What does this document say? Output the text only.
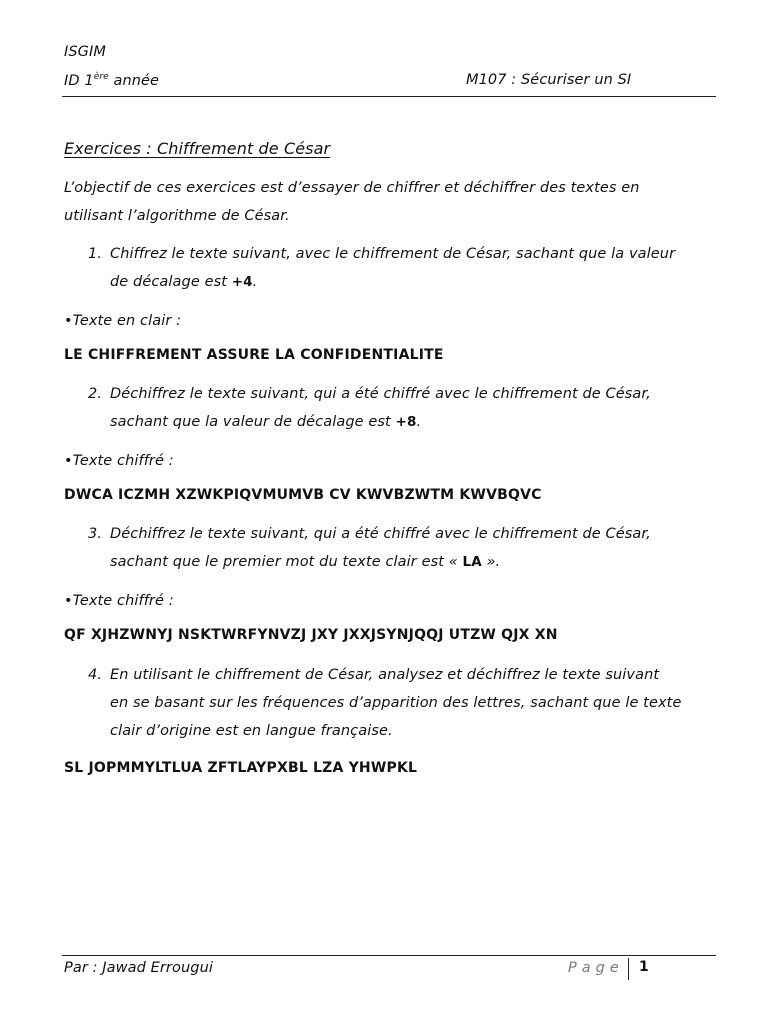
ISGIM
ID 1ère année	M107 : Sécuriser un SI
Exercices : Chiffrement de César
L’objectif de ces exercices est d’essayer de chiffrer et déchiffrer des textes en
utilisant l’algorithme de César.
1. Chiffrez le texte suivant, avec le chiffrement de César, sachant que la valeur
de décalage est +4.
•Texte en clair :
LE CHIFFREMENT ASSURE LA CONFIDENTIALITE
2. Déchiffrez le texte suivant, qui a été chiffré avec le chiffrement de César,
sachant que la valeur de décalage est +8.
•Texte chiffré :
DWCA ICZMH XZWKPIQVMUMVB CV KWVBZWTM KWVBQVC
3. Déchiffrez le texte suivant, qui a été chiffré avec le chiffrement de César,
sachant que le premier mot du texte clair est « LA ».
•Texte chiffré :
QF XJHZWNYJ NSKTWRFYNVZJ JXY JXXJSYNJQQJ UTZW QJX XN
4. En utilisant le chiffrement de César, analysez et déchiffrez le texte suivant
en se basant sur les fréquences d’apparition des lettres, sachant que le texte
clair d’origine est en langue française.
SL JOPMMYLTLUA ZFTLAYPXBL LZA YHWPKL
Par : Jawad Errougui	Page 1
